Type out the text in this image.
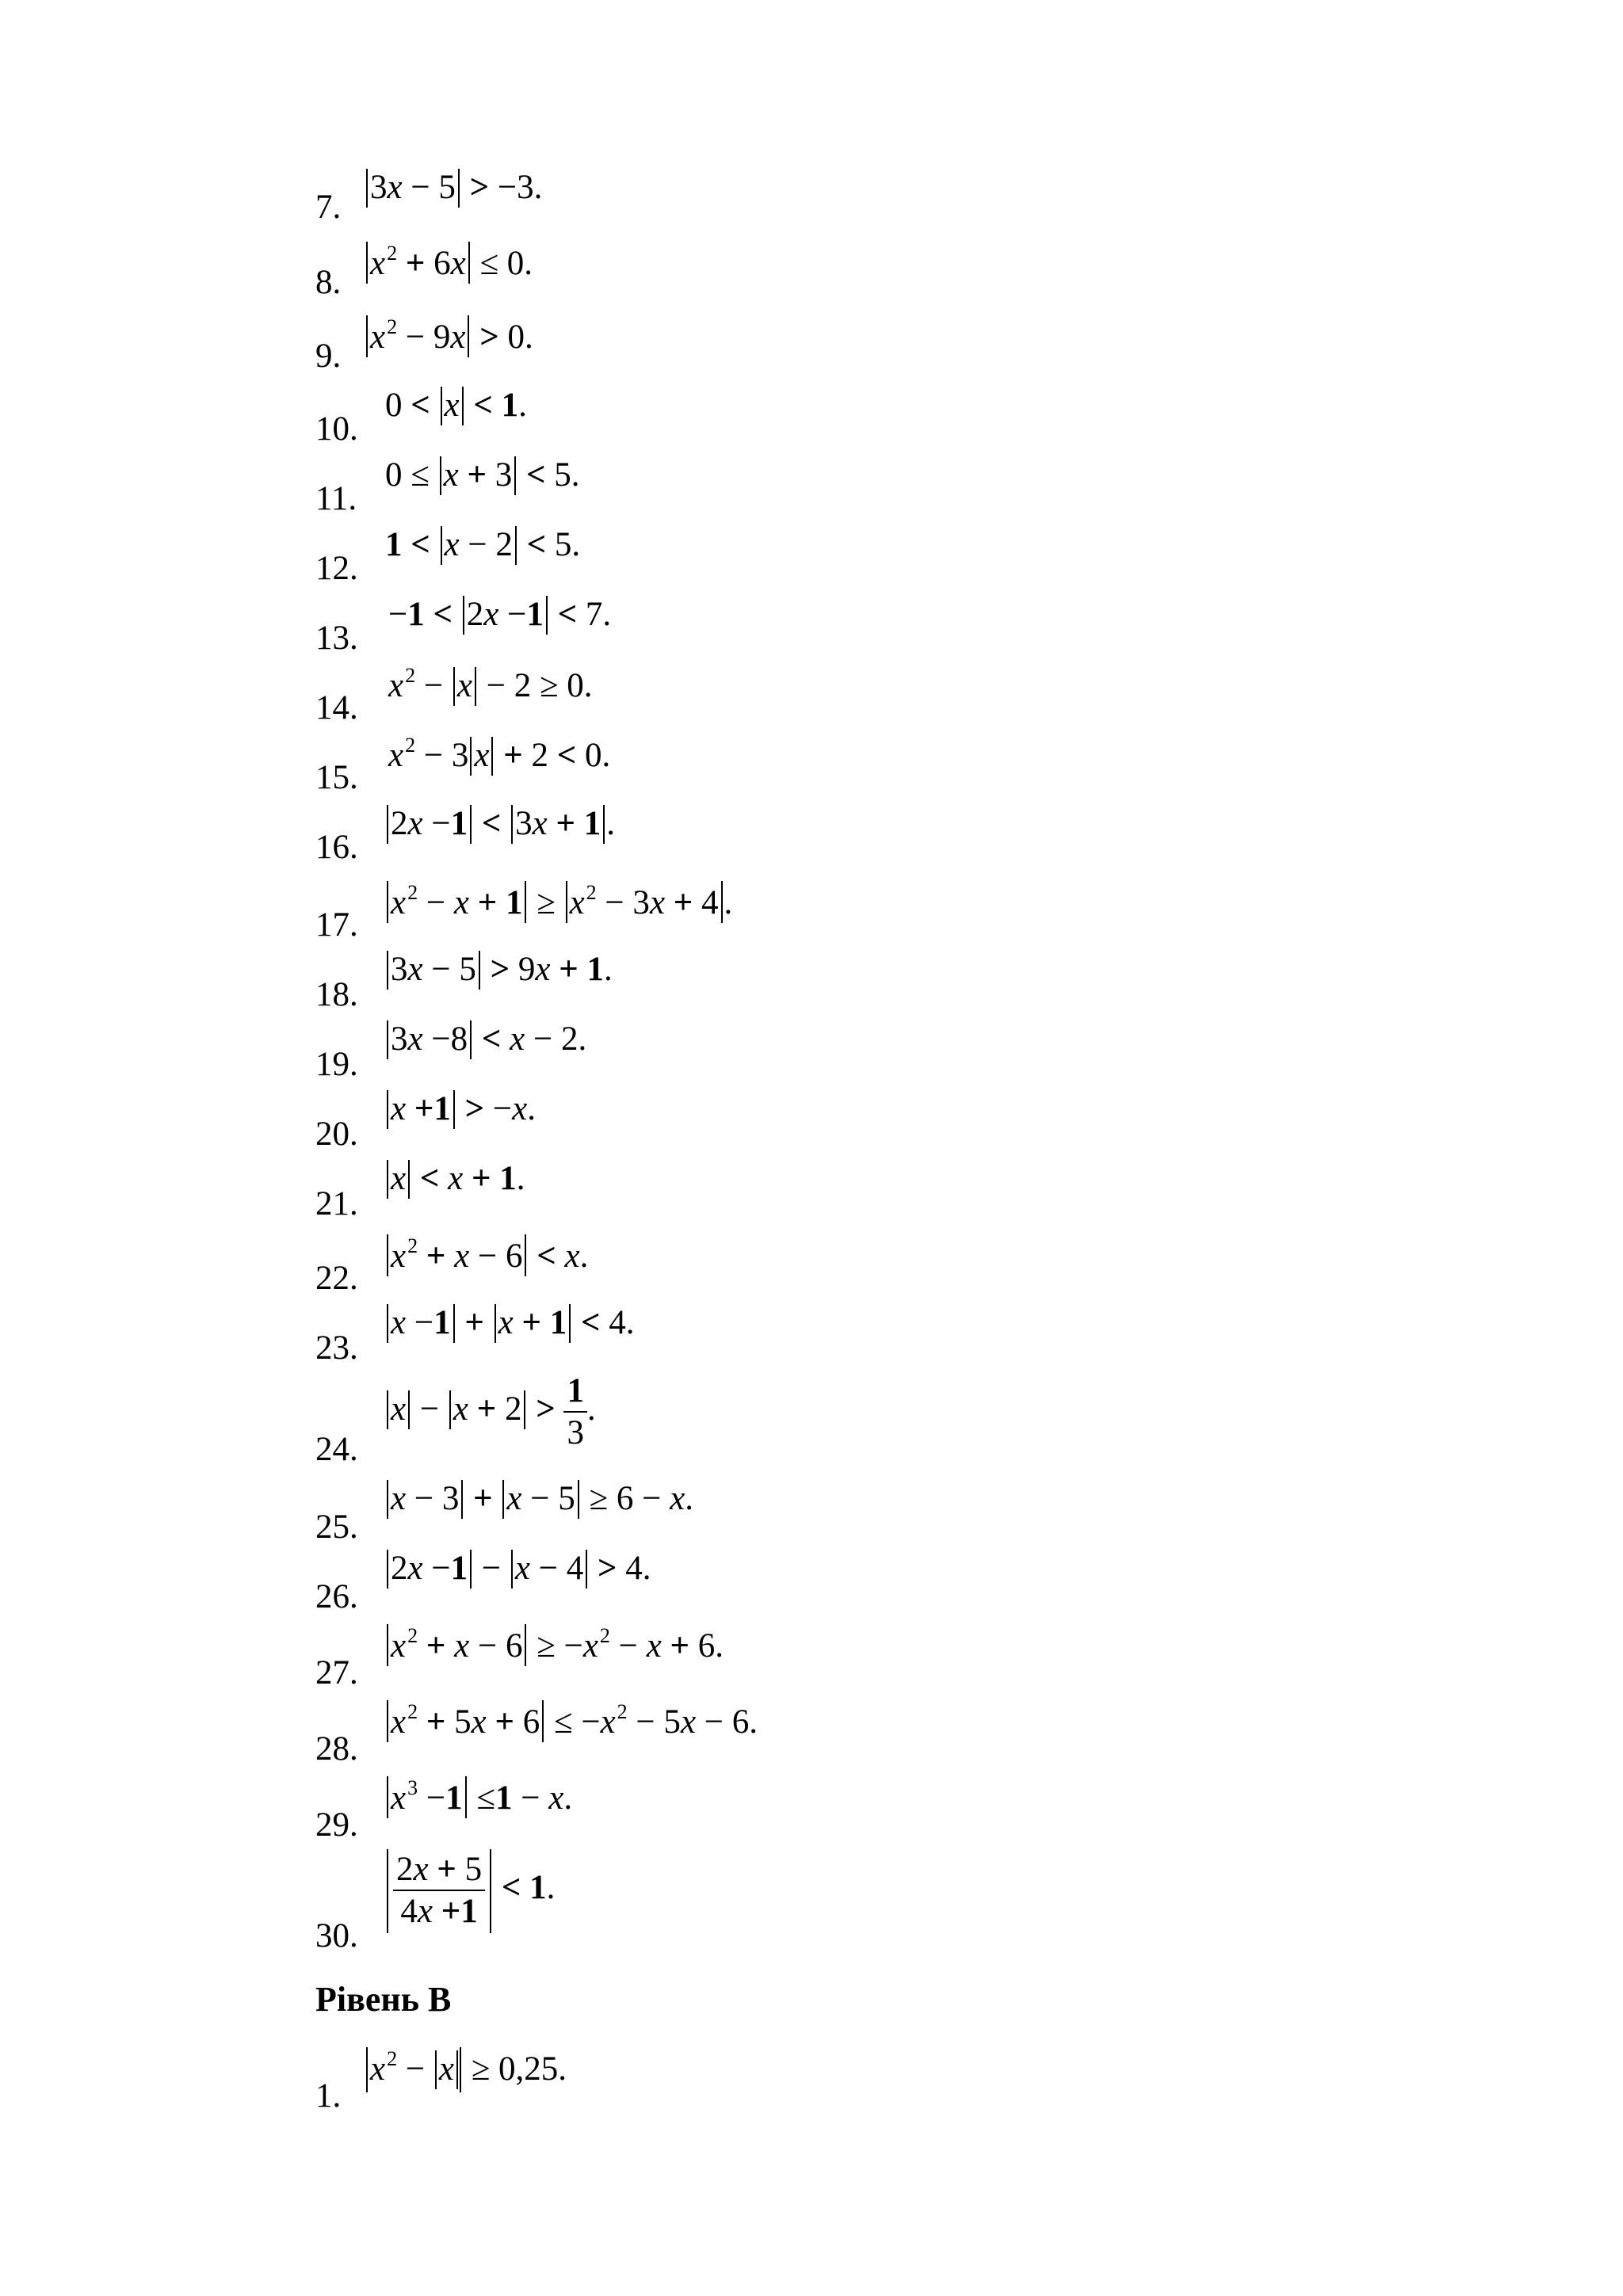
7.
3x − 5 > −3.
8.
$x^2 + 6x \le 0$.
9.
$x^2 - 9x > 0$.
10.
0 < x < 1.
11.
0 ≤ x + 3 < 5.
12.
1 < x − 2 < 5.
13.
−1 < 2x −1 < 7.
14.
$x^2 - x - 2 \ge 0$.
15.
$x^2 - 3$ x + 2 < 0.
16.
2x −1 < 3x + 1 .
17.
$x^2 - x + 1 \ge x^2 - 3x + 4$ .
18.
3x − 5 > 9x + 1.
19.
3x −8 < x − 2.
20.
x +1 > −x.
21.
x < x + 1.
22.
$x^2 + x - 6 < x$.
23.
x −1 + x + 1 < 4.
24.
$x - x + 2 > \frac{1}{3}$ .
25.
x − 3 + x − 5 ≥ 6 − x.
26.
2x −1 − x − 4 > 4.
27.
$x^2 + x - 6 \ge -x^2 - x + 6$.
28.
$x^2 + 5x + 6 \le -x^2 - 5x - 6$.
29.
$x^3 -1 \le 1 - x$.
30.
$\frac{2x + 5}{4x +1} < 1$.
Рівень В
1.
$x^2 - x \ge 0,25$.
